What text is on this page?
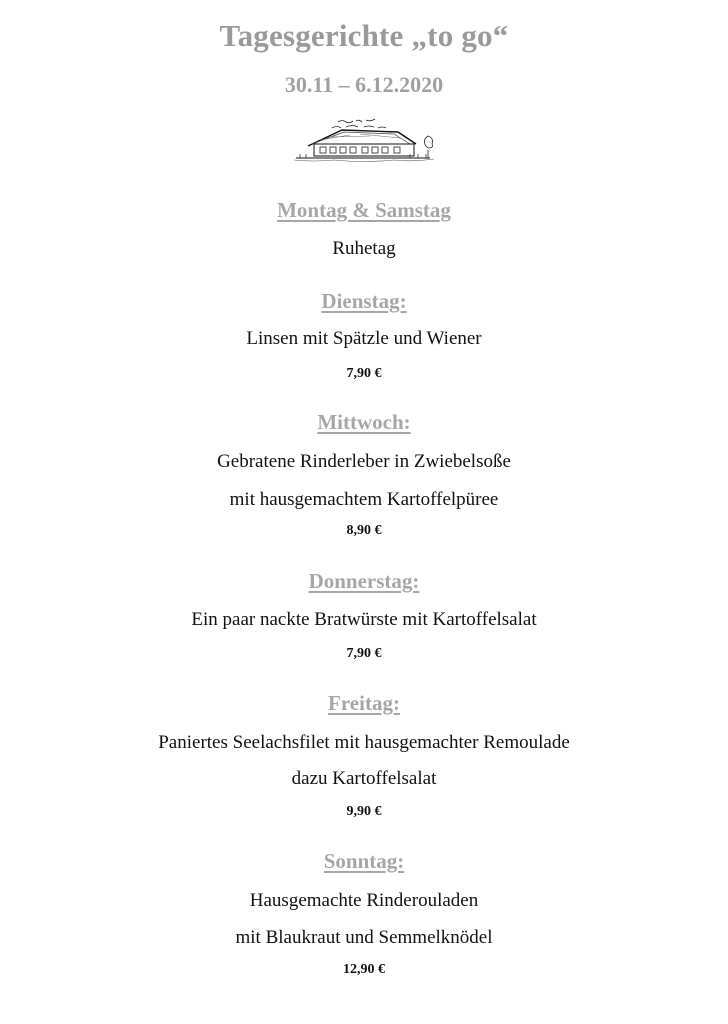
Tagesgerichte „to go“
30.11 – 6.12.2020
Montag & Samstag
Ruhetag
Dienstag:
Linsen mit Spätzle und Wiener
7,90 €
Mittwoch:
Gebratene Rinderleber in Zwiebelsoße
mit hausgemachtem Kartoffelpüree
8,90 €
Donnerstag:
Ein paar nackte Bratwürste mit Kartoffelsalat
7,90 €
Freitag:
Paniertes Seelachsfilet mit hausgemachter Remoulade
dazu Kartoffelsalat
9,90 €
Sonntag:
Hausgemachte Rinderouladen
mit Blaukraut und Semmelknödel
12,90 €
